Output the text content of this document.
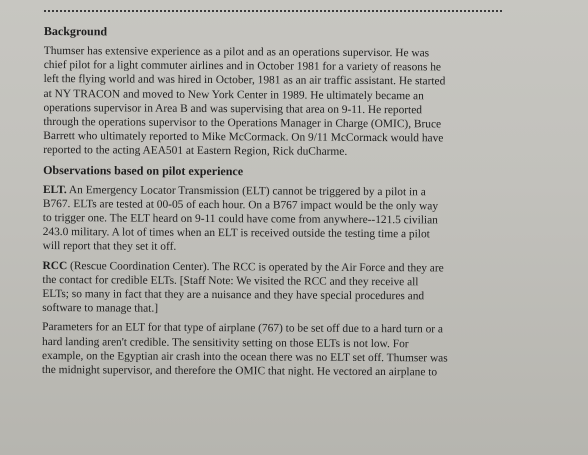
Background

Thumser has extensive experience as a pilot and as an operations supervisor. He was
chief pilot for a light commuter airlines and in October 1981 for a variety of reasons he
left the flying world and was hired in October, 1981 as an air traffic assistant. He started
at NY TRACON and moved to New York Center in 1989. He ultimately became an
operations supervisor in Area B and was supervising that area on 9-11. He reported
through the operations supervisor to the Operations Manager in Charge (OMIC), Bruce
Barrett who ultimately reported to Mike McCormack. On 9/11 McCormack would have
reported to the acting AEA501 at Eastern Region, Rick duCharme.

Observations based on pilot experience

ELT. An Emergency Locator Transmission (ELT) cannot be triggered by a pilot in a
B767. ELTs are tested at 00-05 of each hour. On a B767 impact would be the only way
to trigger one. The ELT heard on 9-11 could have come from anywhere--121.5 civilian
243.0 military. A lot of times when an ELT is received outside the testing time a pilot
will report that they set it off.

RCC (Rescue Coordination Center). The RCC is operated by the Air Force and they are
the contact for credible ELTs. [Staff Note: We visited the RCC and they receive all
ELTs; so many in fact that they are a nuisance and they have special procedures and
software to manage that.]

Parameters for an ELT for that type of airplane (767) to be set off due to a hard turn or a
hard landing aren't credible. The sensitivity setting on those ELTs is not low. For
example, on the Egyptian air crash into the ocean there was no ELT set off. Thumser was
the midnight supervisor, and therefore the OMIC that night. He vectored an airplane to
